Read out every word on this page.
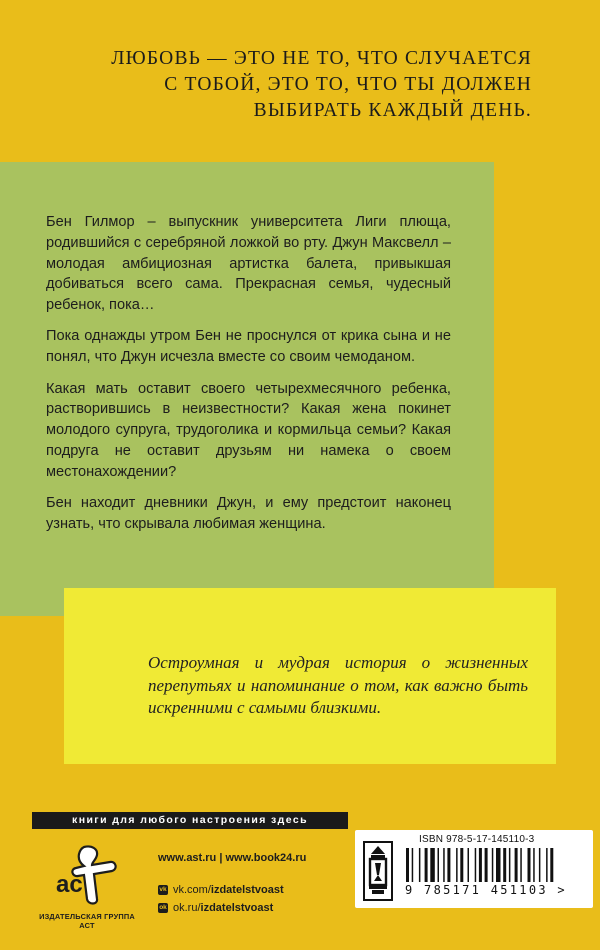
ЛЮБОВЬ — ЭТО НЕ ТО, ЧТО СЛУЧАЕТСЯ
С ТОБОЙ, ЭТО ТО, ЧТО ТЫ ДОЛЖЕН
ВЫБИРАТЬ КАЖДЫЙ ДЕНЬ.

Бен Гилмор – выпускник университета Лиги плюща, родившийся с серебряной ложкой во рту. Джун Максвелл – молодая амбициозная артистка балета, привыкшая добиваться всего сама. Прекрасная семья, чудесный ребенок, пока…

Пока однажды утром Бен не проснулся от крика сына и не понял, что Джун исчезла вместе со своим чемоданом.

Какая мать оставит своего четырехмесячного ребенка, растворившись в неизвестности? Какая жена покинет молодого супруга, трудоголика и кормильца семьи? Какая подруга не оставит друзьям ни намека о своем местонахождении?

Бен находит дневники Джун, и ему предстоит наконец узнать, что скрывала любимая женщина.

Остроумная и мудрая история о жизненных перепутьях и напоминание о том, как важно быть искренними с самыми близкими.
книги для любого настроения здесь
ас
ИЗДАТЕЛЬСКАЯ ГРУППА АСТ
www.ast.ru | www.book24.ru
vk vk.com/ izdatelstvoast
ok ok.ru/ izdatelstvoast
ISBN 978-5-17-145110-3
9 785171 451103 >
